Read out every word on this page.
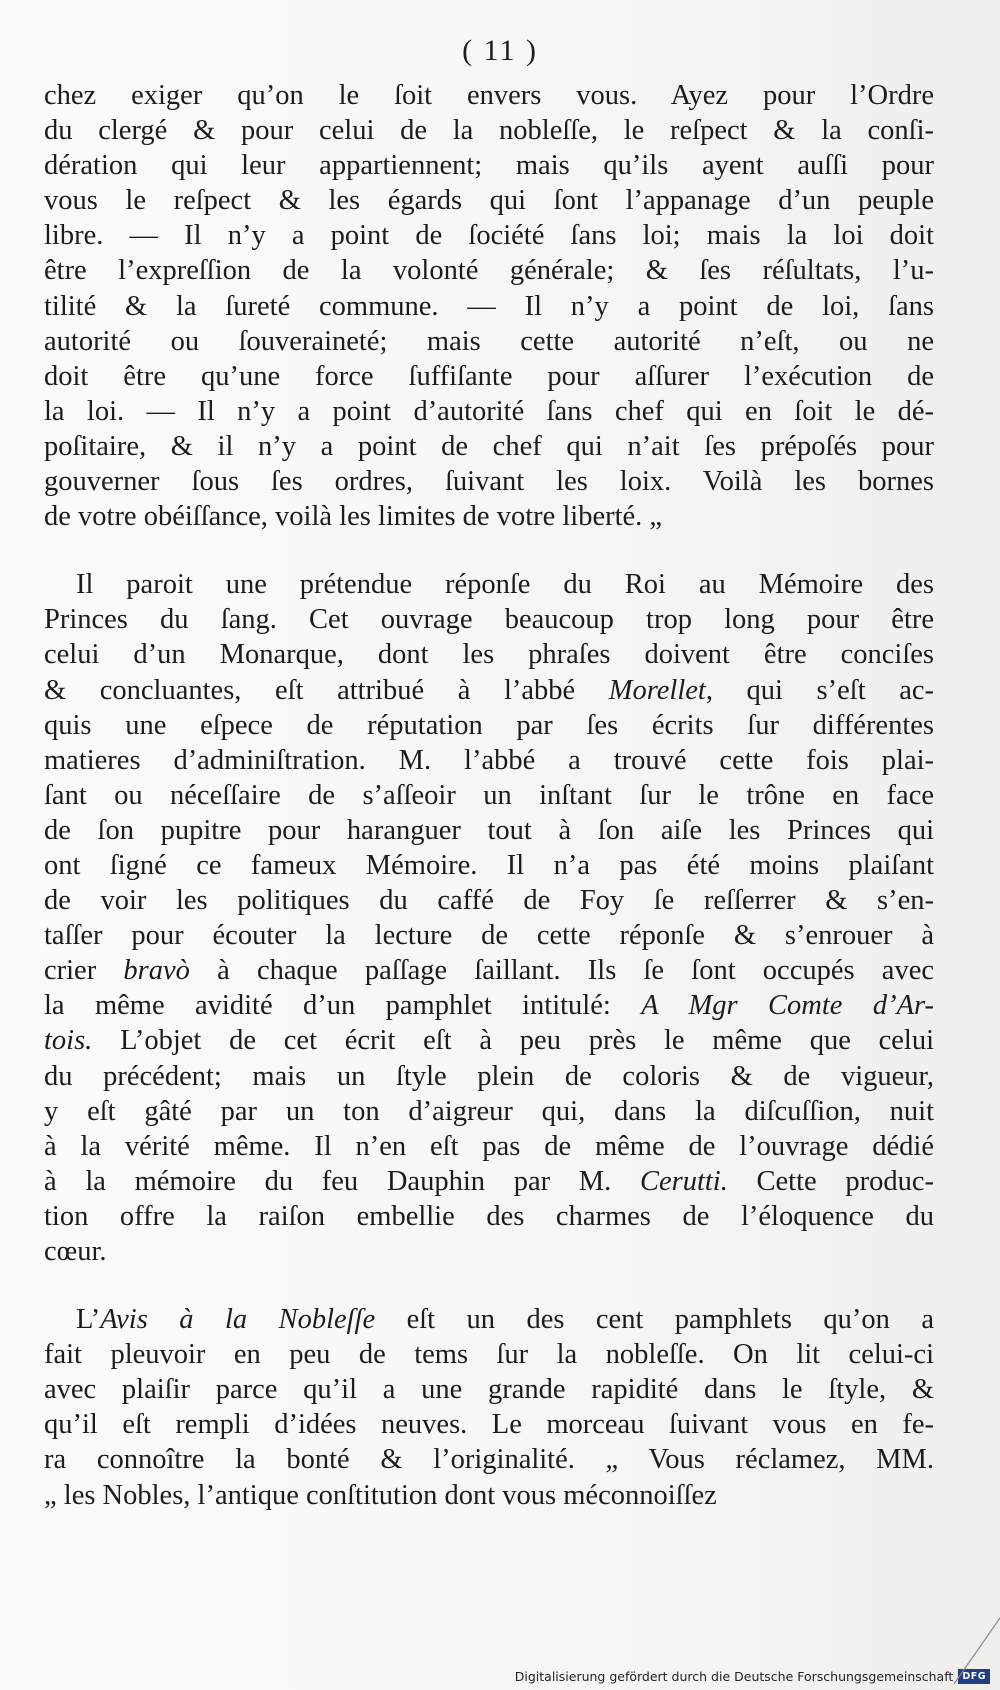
( 11 )
chez exiger qu’on le ſoit envers vous. Ayez pour l’Ordre
du clergé & pour celui de la nobleſſe, le reſpect & la conſi-
dération qui leur appartiennent; mais qu’ils ayent auſſi pour
vous le reſpect & les égards qui ſont l’appanage d’un peuple
libre. — Il n’y a point de ſociété ſans loi; mais la loi doit
être l’expreſſion de la volonté générale; & ſes réſultats, l’u-
tilité & la ſureté commune. — Il n’y a point de loi, ſans
autorité ou ſouveraineté; mais cette autorité n’eſt, ou ne
doit être qu’une force ſuffiſante pour aſſurer l’exécution de
la loi. — Il n’y a point d’autorité ſans chef qui en ſoit le dé-
poſitaire, & il n’y a point de chef qui n’ait ſes prépoſés pour
gouverner ſous ſes ordres, ſuivant les loix. Voilà les bornes
de votre obéiſſance, voilà les limites de votre liberté. „
Il paroit une prétendue réponſe du Roi au Mémoire des
Princes du ſang. Cet ouvrage beaucoup trop long pour être
celui d’un Monarque, dont les phraſes doivent être conciſes
& concluantes, eſt attribué à l’abbé Morellet, qui s’eſt ac-
quis une eſpece de réputation par ſes écrits ſur différentes
matieres d’adminiſtration. M. l’abbé a trouvé cette fois plai-
ſant ou néceſſaire de s’aſſeoir un inſtant ſur le trône en face
de ſon pupitre pour haranguer tout à ſon aiſe les Princes qui
ont ſigné ce fameux Mémoire. Il n’a pas été moins plaiſant
de voir les politiques du caffé de Foy ſe reſſerrer & s’en-
taſſer pour écouter la lecture de cette réponſe & s’enrouer à
crier bravò à chaque paſſage ſaillant. Ils ſe ſont occupés avec
la même avidité d’un pamphlet intitulé: A Mgr Comte d’Ar-
tois. L’objet de cet écrit eſt à peu près le même que celui
du précédent; mais un ſtyle plein de coloris & de vigueur,
y eſt gâté par un ton d’aigreur qui, dans la diſcuſſion, nuit
à la vérité même. Il n’en eſt pas de même de l’ouvrage dédié
à la mémoire du feu Dauphin par M. Cerutti. Cette produc-
tion offre la raiſon embellie des charmes de l’éloquence du
cœur.
L’Avis à la Nobleſſe eſt un des cent pamphlets qu’on a
fait pleuvoir en peu de tems ſur la nobleſſe. On lit celui-ci
avec plaiſir parce qu’il a une grande rapidité dans le ſtyle, &
qu’il eſt rempli d’idées neuves. Le morceau ſuivant vous en fe-
ra connoître la bonté & l’originalité. „ Vous réclamez, MM.
„ les Nobles, l’antique conſtitution dont vous méconnoiſſez
Digitalisierung gefördert durch die Deutsche Forschungsgemeinschaft DFG
